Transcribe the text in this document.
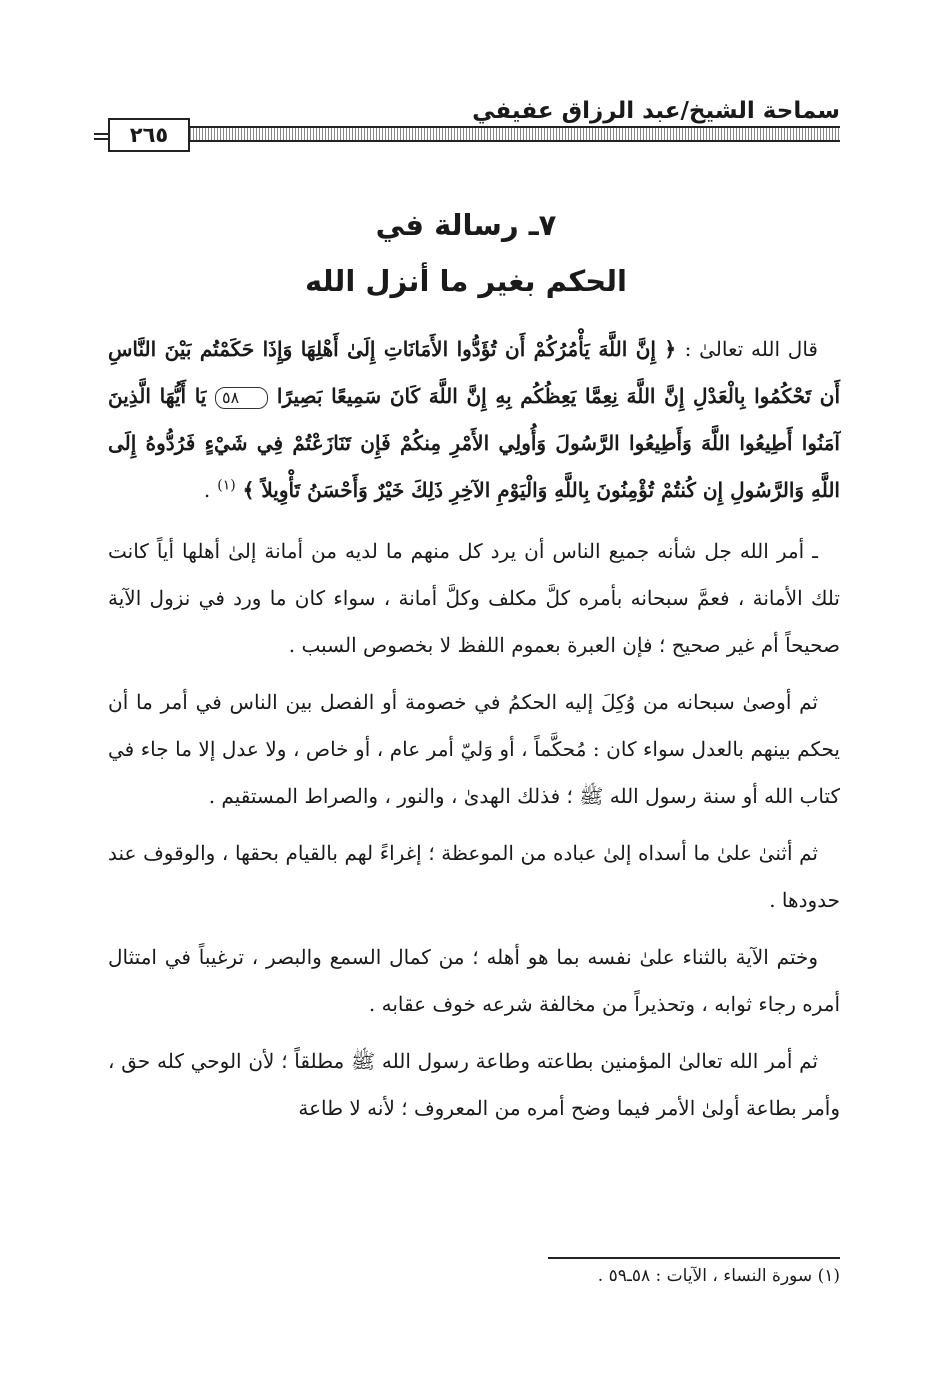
سماحة الشيخ/عبد الرزاق عفيفي
٢٦٥
٧ـ رسالة في
الحكم بغير ما أنزل الله

قال الله تعالىٰ : ﴿ إِنَّ اللَّهَ يَأْمُرُكُمْ أَن تُؤَدُّوا الأَمَانَاتِ إِلَىٰ أَهْلِهَا وَإِذَا حَكَمْتُم بَيْنَ النَّاسِ أَن تَحْكُمُوا بِالْعَدْلِ إِنَّ اللَّهَ نِعِمَّا يَعِظُكُم بِهِ إِنَّ اللَّهَ كَانَ سَمِيعًا بَصِيرًا ٥٨ يَا أَيُّهَا الَّذِينَ آمَنُوا أَطِيعُوا اللَّهَ وَأَطِيعُوا الرَّسُولَ وَأُولِي الأَمْرِ مِنكُمْ فَإِن تَنَازَعْتُمْ فِي شَيْءٍ فَرُدُّوهُ إِلَى اللَّهِ وَالرَّسُولِ إِن كُنتُمْ تُؤْمِنُونَ بِاللَّهِ وَالْيَوْمِ الآخِرِ ذَلِكَ خَيْرٌ وَأَحْسَنُ تَأْوِيلاً ﴾ $^{(١)}$ .

ـ أمر الله جل شأنه جميع الناس أن يرد كل منهم ما لديه من أمانة إلىٰ أهلها أياً كانت تلك الأمانة ، فعمَّ سبحانه بأمره كلَّ مكلف وكلَّ أمانة ، سواء كان ما ورد في نزول الآية صحيحاً أم غير صحيح ؛ فإن العبرة بعموم اللفظ لا بخصوص السبب .

ثم أوصىٰ سبحانه من وُكِلَ إليه الحكمُ في خصومة أو الفصل بين الناس في أمر ما أن يحكم بينهم بالعدل سواء كان : مُحكَّماً ، أو وَليّ أمر عام ، أو خاص ، ولا عدل إلا ما جاء في كتاب الله أو سنة رسول الله ﷺ ؛ فذلك الهدىٰ ، والنور ، والصراط المستقيم .

ثم أثنىٰ علىٰ ما أسداه إلىٰ عباده من الموعظة ؛ إغراءً لهم بالقيام بحقها ، والوقوف عند حدودها .

وختم الآية بالثناء علىٰ نفسه بما هو أهله ؛ من كمال السمع والبصر ، ترغيباً في امتثال أمره رجاء ثوابه ، وتحذيراً من مخالفة شرعه خوف عقابه .

ثم أمر الله تعالىٰ المؤمنين بطاعته وطاعة رسول الله ﷺ مطلقاً ؛ لأن الوحي كله حق ، وأمر بطاعة أولىٰ الأمر فيما وضح أمره من المعروف ؛ لأنه لا طاعة

(١) سورة النساء ، الآيات : ٥٨ـ٥٩ .
